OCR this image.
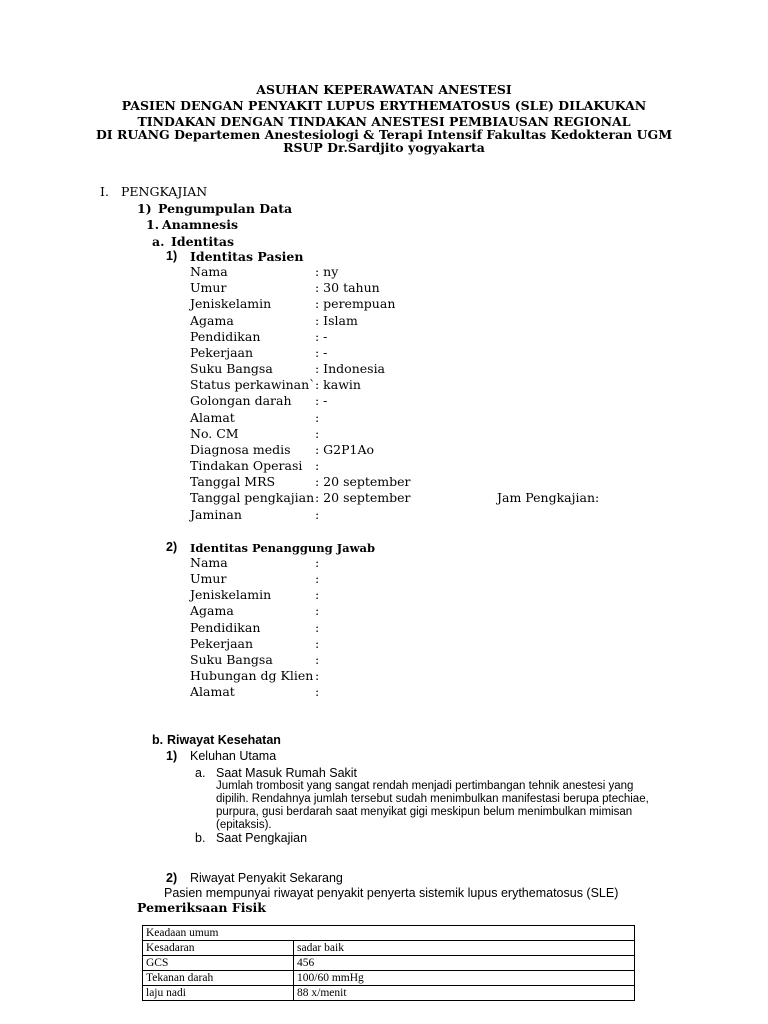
ASUHAN KEPERAWATAN ANESTESI
PASIEN DENGAN PENYAKIT LUPUS ERYTHEMATOSUS (SLE) DILAKUKAN
TINDAKAN DENGAN TINDAKAN ANESTESI PEMBIAUSAN REGIONAL
DI RUANG Departemen Anestesiologi & Terapi Intensif Fakultas Kedokteran UGM
RSUP Dr.Sardjito yogyakarta
I. PENGKAJIAN
1) Pengumpulan Data
1. Anamnesis
a. Identitas
1) Identitas Pasien
Nama	: ny
Umur	: 30 tahun
Jeniskelamin	: perempuan
Agama	: Islam
Pendidikan	: -
Pekerjaan	: -
Suku Bangsa	: Indonesia
Status perkawinan` : kawin
Golongan darah : -
Alamat	:
No. CM	:
Diagnosa medis : G2P1Ao
Tindakan Operasi :
Tanggal MRS	: 20 september
Tanggal pengkajian : 20 september	Jam Pengkajian:
Jaminan	:
2) Identitas Penanggung Jawab
Nama	:
Umur	:
Jeniskelamin	:
Agama	:
Pendidikan	:
Pekerjaan	:
Suku Bangsa	:
Hubungan dg Klien :
Alamat	:
b. Riwayat Kesehatan
1) Keluhan Utama
a. Saat Masuk Rumah Sakit
Jumlah trombosit yang sangat rendah menjadi pertimbangan tehnik anestesi yang
dipilih. Rendahnya jumlah tersebut sudah menimbulkan manifestasi berupa ptechiae,
purpura, gusi berdarah saat menyikat gigi meskipun belum menimbulkan mimisan
(epitaksis).
b. Saat Pengkajian
2) Riwayat Penyakit Sekarang
Pasien mempunyai riwayat penyakit penyerta sistemik lupus erythematosus (SLE)
Pemeriksaan Fisik
Keadaan umum	
Kesadaran	sadar baik
GCS	456
Tekanan darah	100/60 mmHg
laju nadi	88 x/menit
